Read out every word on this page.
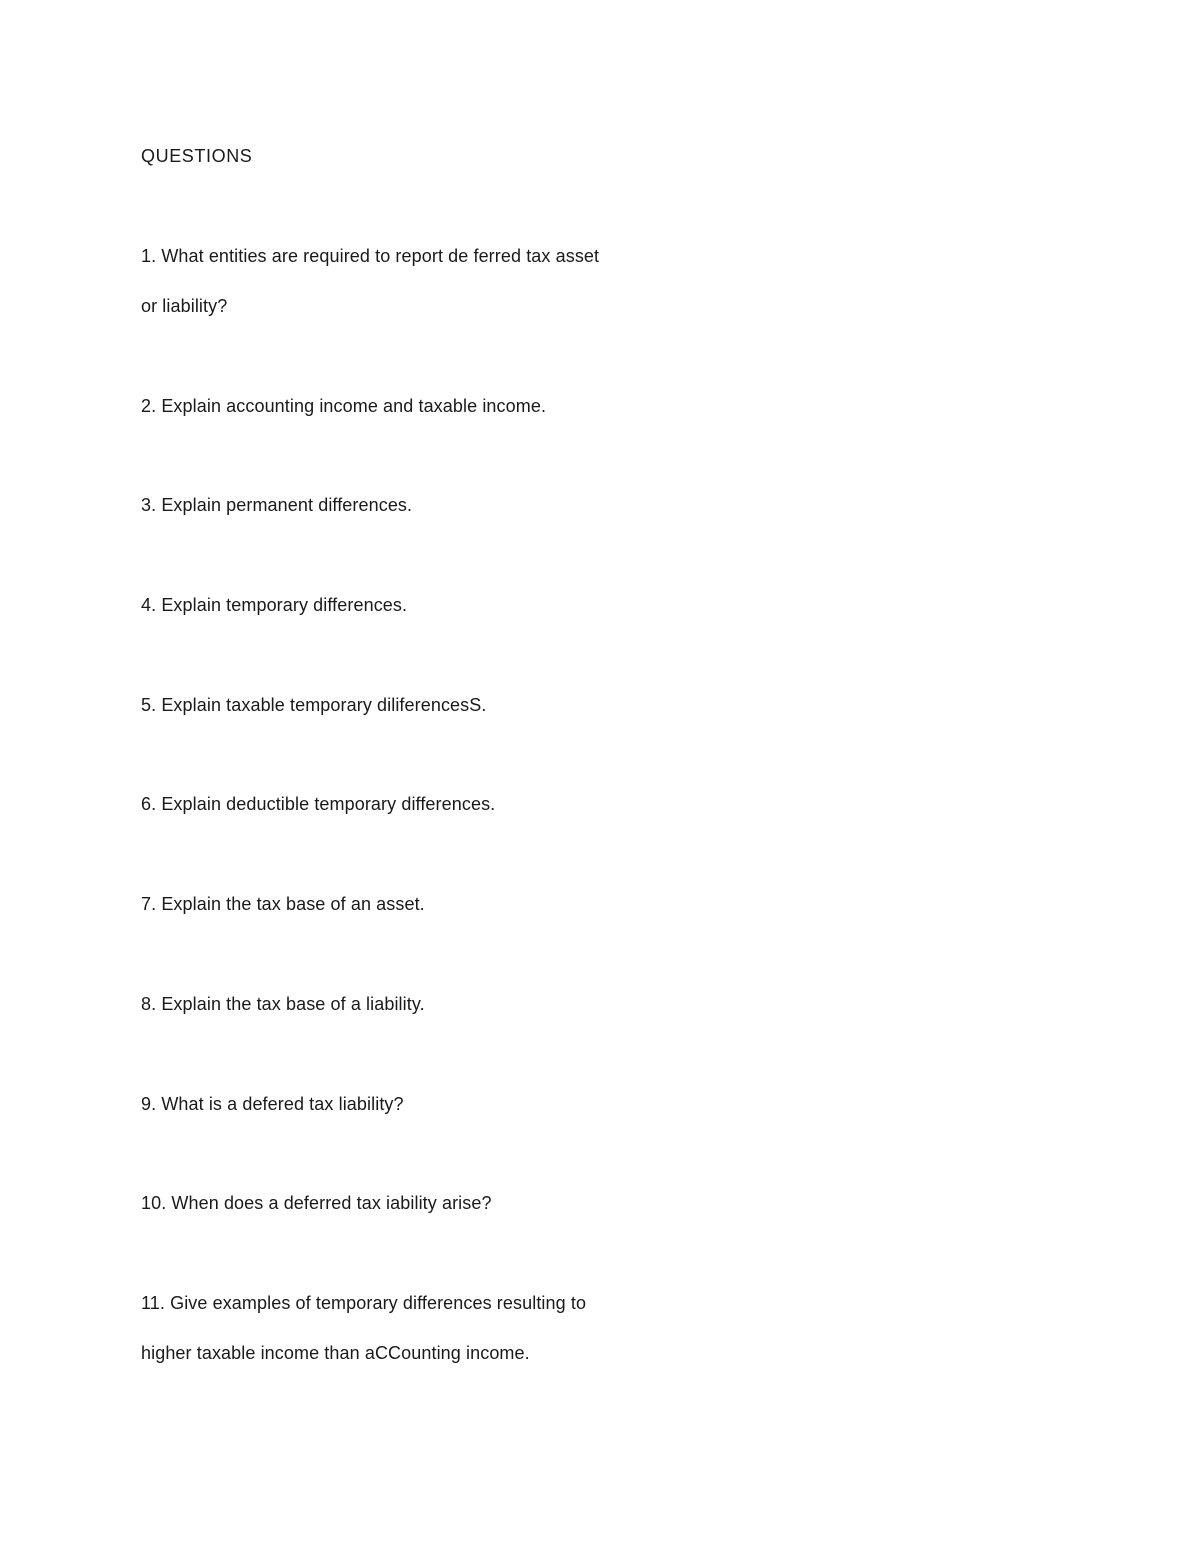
QUESTIONS
1. What entities are required to report de ferred tax asset
or liability?
2. Explain accounting income and taxable income.
3. Explain permanent differences.
4. Explain temporary differences.
5. Explain taxable temporary diliferencesS.
6. Explain deductible temporary differences.
7. Explain the tax base of an asset.
8. Explain the tax base of a liability.
9. What is a defered tax liability?
10. When does a deferred tax iability arise?
11. Give examples of temporary differences resulting to
higher taxable income than aCCounting income.
